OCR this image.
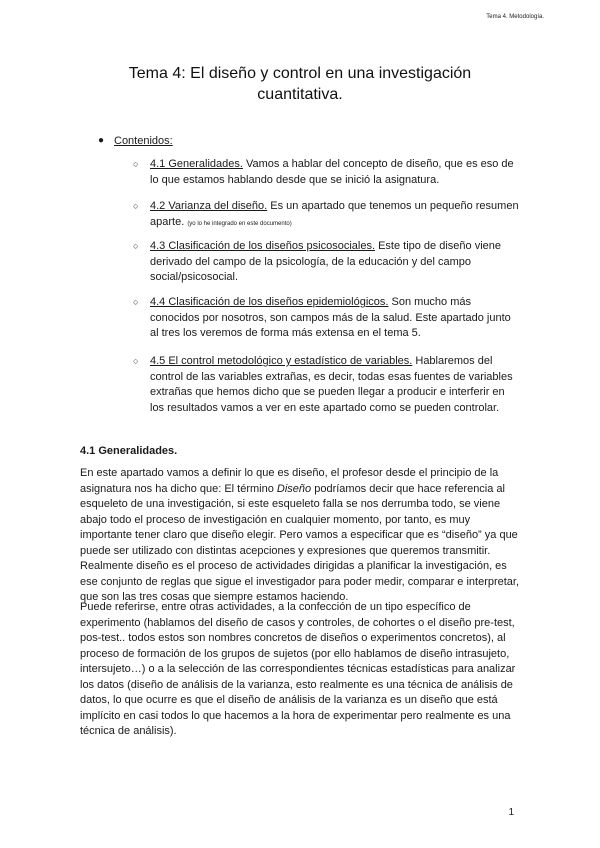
Tema 4. Metodología.
Tema 4: El diseño y control en una investigación
cuantitativa.
● Contenidos:
○ 4.1 Generalidades. Vamos a hablar del concepto de diseño, que es eso de lo que estamos hablando desde que se inició la asignatura.
○ 4.2 Varianza del diseño. Es un apartado que tenemos un pequeño resumen aparte. (yo lo he integrado en este documento)
○ 4.3 Clasificación de los diseños psicosociales. Este tipo de diseño viene derivado del campo de la psicología, de la educación y del campo social/psicosocial.
○ 4.4 Clasificación de los diseños epidemiológicos. Son mucho más conocidos por nosotros, son campos más de la salud. Este apartado junto al tres los veremos de forma más extensa en el tema 5.
○ 4.5 El control metodológico y estadístico de variables. Hablaremos del control de las variables extrañas, es decir, todas esas fuentes de variables extrañas que hemos dicho que se pueden llegar a producir e interferir en los resultados vamos a ver en este apartado como se pueden controlar.
4.1 Generalidades.
En este apartado vamos a definir lo que es diseño, el profesor desde el principio de la asignatura nos ha dicho que: El término Diseño podríamos decir que hace referencia al esqueleto de una investigación, si este esqueleto falla se nos derrumba todo, se viene abajo todo el proceso de investigación en cualquier momento, por tanto, es muy importante tener claro que diseño elegir. Pero vamos a especificar que es “diseño” ya que puede ser utilizado con distintas acepciones y expresiones que queremos transmitir. Realmente diseño es el proceso de actividades dirigidas a planificar la investigación, es ese conjunto de reglas que sigue el investigador para poder medir, comparar e interpretar, que son las tres cosas que siempre estamos haciendo.
Puede referirse, entre otras actividades, a la confección de un tipo específico de experimento (hablamos del diseño de casos y controles, de cohortes o el diseño pre-test, pos-test.. todos estos son nombres concretos de diseños o experimentos concretos), al proceso de formación de los grupos de sujetos (por ello hablamos de diseño intrasujeto, intersujeto…) o a la selección de las correspondientes técnicas estadísticas para analizar los datos (diseño de análisis de la varianza, esto realmente es una técnica de análisis de datos, lo que ocurre es que el diseño de análisis de la varianza es un diseño que está implícito en casi todos lo que hacemos a la hora de experimentar pero realmente es una técnica de análisis).
1
